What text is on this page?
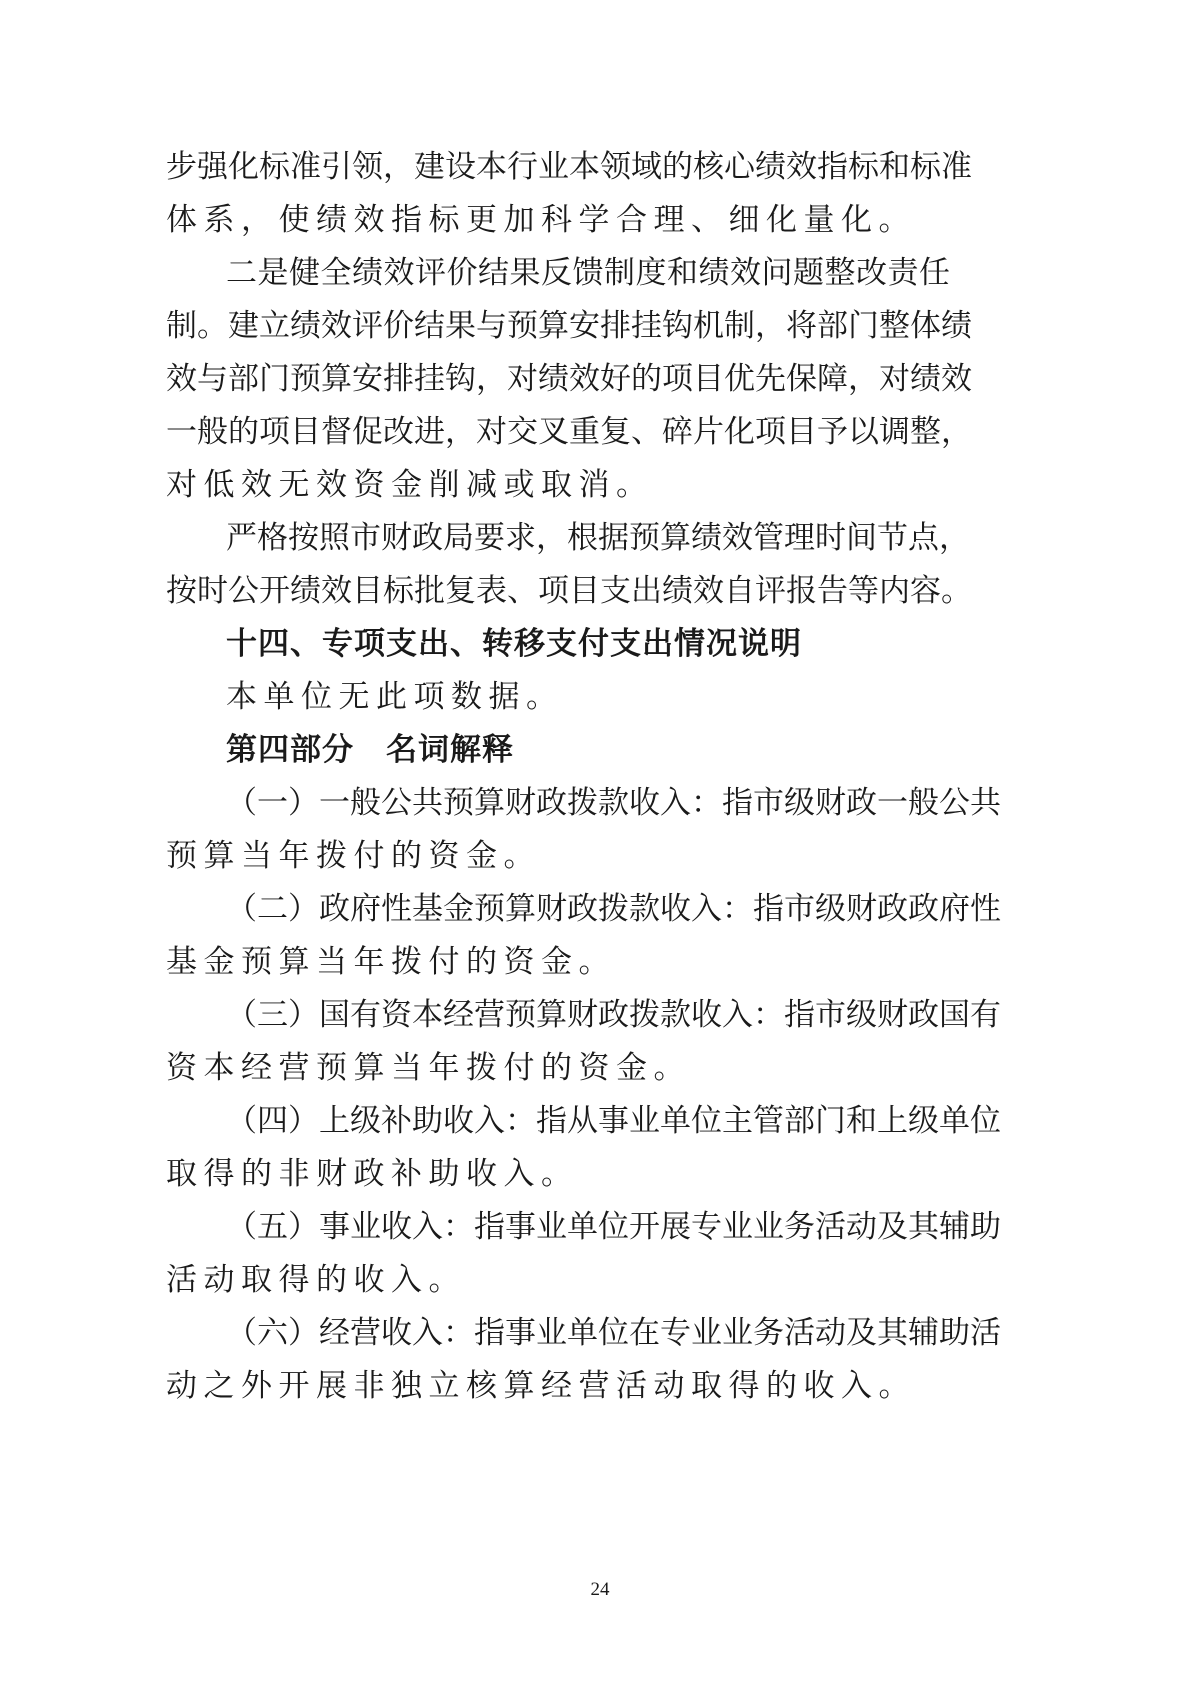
步强化标准引领，建设本行业本领域的核心绩效指标和标准
体系，使绩效指标更加科学合理、细化量化。
二是健全绩效评价结果反馈制度和绩效问题整改责任
制。建立绩效评价结果与预算安排挂钩机制，将部门整体绩
效与部门预算安排挂钩，对绩效好的项目优先保障，对绩效
一般的项目督促改进，对交叉重复、碎片化项目予以调整，
对低效无效资金削减或取消。
严格按照市财政局要求，根据预算绩效管理时间节点，
按时公开绩效目标批复表、项目支出绩效自评报告等内容。
十四、专项支出、转移支付支出情况说明
本单位无此项数据。
第四部分　名词解释
（一）一般公共预算财政拨款收入：指市级财政一般公共
预算当年拨付的资金。
（二）政府性基金预算财政拨款收入：指市级财政政府性
基金预算当年拨付的资金。
（三）国有资本经营预算财政拨款收入：指市级财政国有
资本经营预算当年拨付的资金。
（四）上级补助收入：指从事业单位主管部门和上级单位
取得的非财政补助收入。
（五）事业收入：指事业单位开展专业业务活动及其辅助
活动取得的收入。
（六）经营收入：指事业单位在专业业务活动及其辅助活
动之外开展非独立核算经营活动取得的收入。
24
